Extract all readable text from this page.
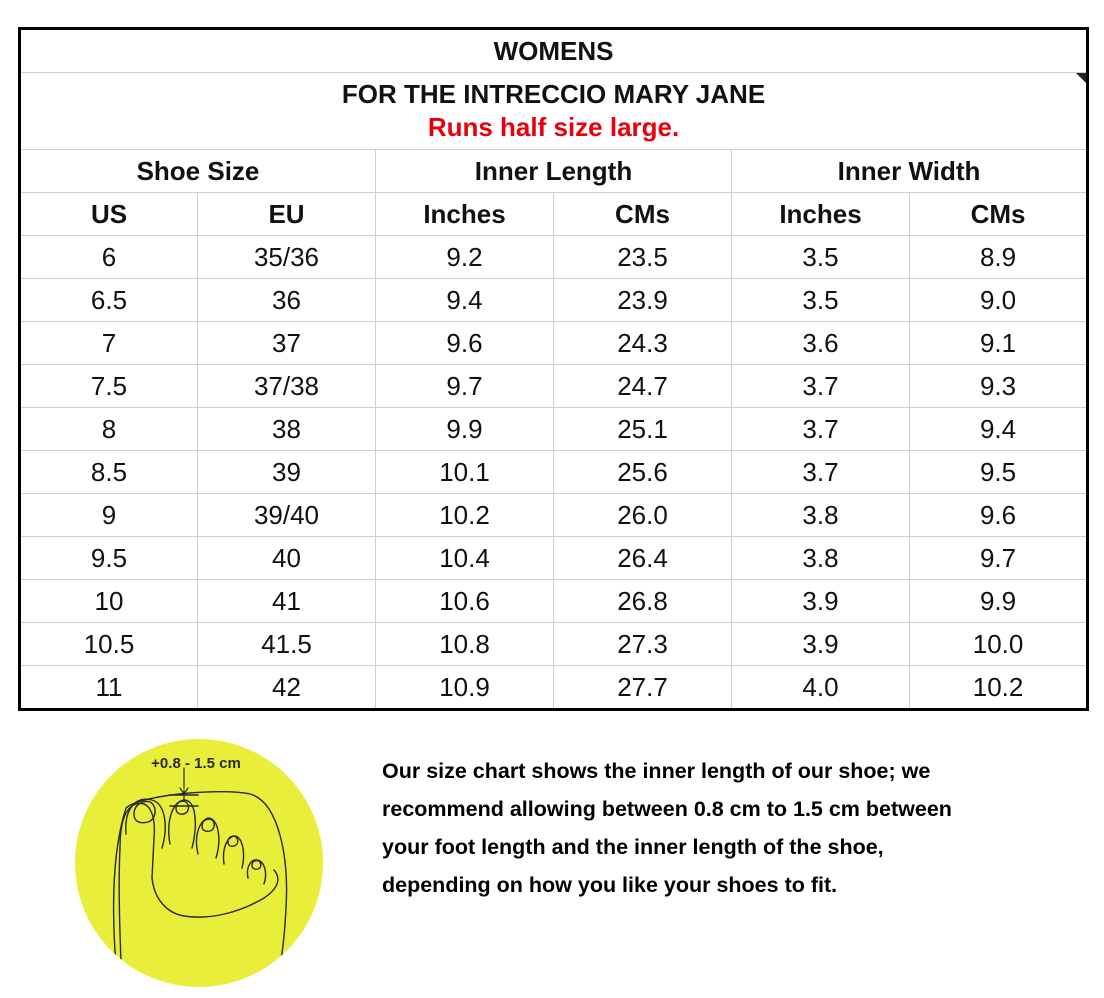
WOMENS					

FOR THE INTRECCIO MARY JANE
Runs half size large.					

Shoe Size		Inner Length		Inner Width	
US	EU	Inches	CMs	Inches	CMs
6	35/36	9.2	23.5	3.5	8.9
6.5	36	9.4	23.9	3.5	9.0
7	37	9.6	24.3	3.6	9.1
7.5	37/38	9.7	24.7	3.7	9.3
8	38	9.9	25.1	3.7	9.4
8.5	39	10.1	25.6	3.7	9.5
9	39/40	10.2	26.0	3.8	9.6
9.5	40	10.4	26.4	3.8	9.7
10	41	10.6	26.8	3.9	9.9
10.5	41.5	10.8	27.3	3.9	10.0
11	42	10.9	27.7	4.0	10.2
+0.8 - 1.5 cm	Our size chart shows the inner length of our shoe; we
recommend allowing between 0.8 cm to 1.5 cm between
your foot length and the inner length of the shoe,
depending on how you like your shoes to fit.
